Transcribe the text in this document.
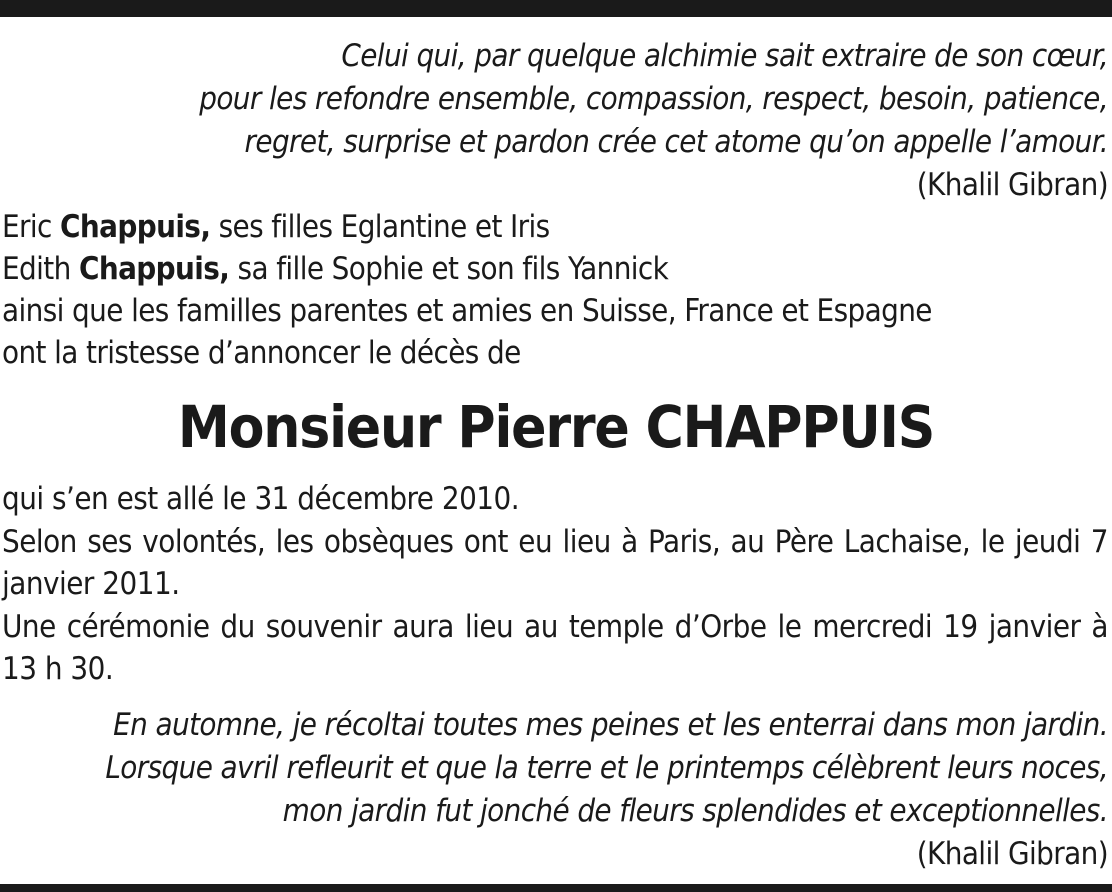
Celui qui, par quelque alchimie sait extraire de son cœur,
pour les refondre ensemble, compassion, respect, besoin, patience,
regret, surprise et pardon crée cet atome qu’on appelle l’amour.
(Khalil Gibran)
Eric Chappuis, ses filles Eglantine et Iris
Edith Chappuis, sa fille Sophie et son fils Yannick
ainsi que les familles parentes et amies en Suisse, France et Espagne
ont la tristesse d’annoncer le décès de
Monsieur Pierre CHAPPUIS
qui s’en est allé le 31 décembre 2010.
Selon ses volontés, les obsèques ont eu lieu à Paris, au Père Lachaise, le jeudi 7 janvier 2011.
Une cérémonie du souvenir aura lieu au temple d’Orbe le mercredi 19 janvier à 13 h 30.
En automne, je récoltai toutes mes peines et les enterrai dans mon jardin.
Lorsque avril refleurit et que la terre et le printemps célèbrent leurs noces,
mon jardin fut jonché de fleurs splendides et exceptionnelles.
(Khalil Gibran)
